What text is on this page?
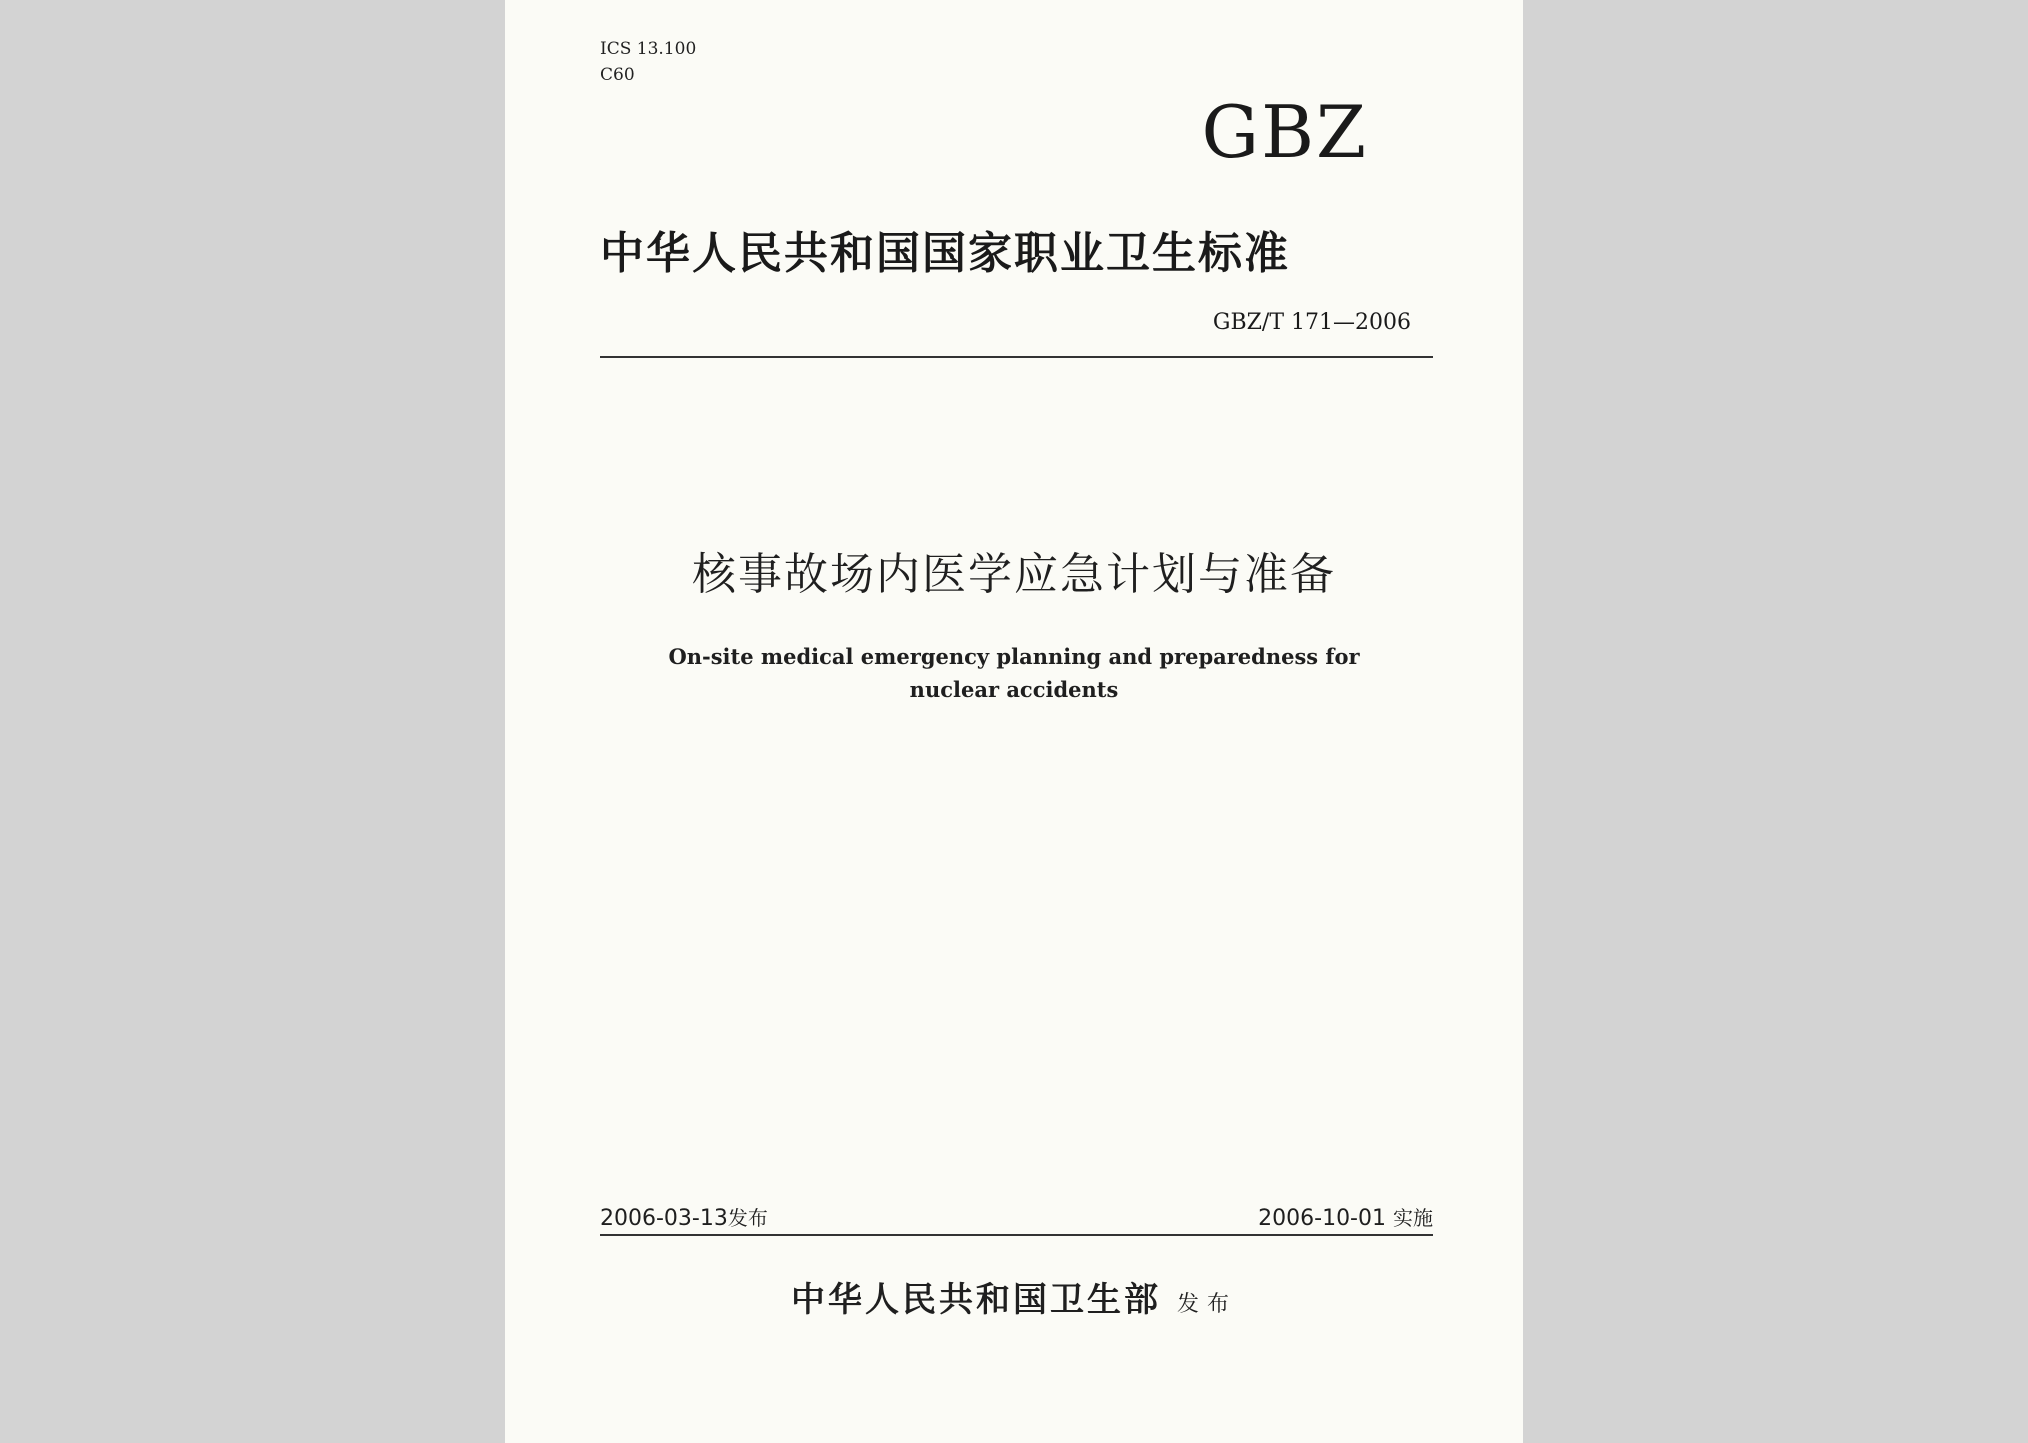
ICS 13.100
C60
GBZ
中华人民共和国国家职业卫生标准
GBZ/T 171—2006
核事故场内医学应急计划与准备
On-site medical emergency planning and preparedness for
nuclear accidents
2006-03-13发布	2006-10-01 实施
中华人民共和国卫生部 发布
